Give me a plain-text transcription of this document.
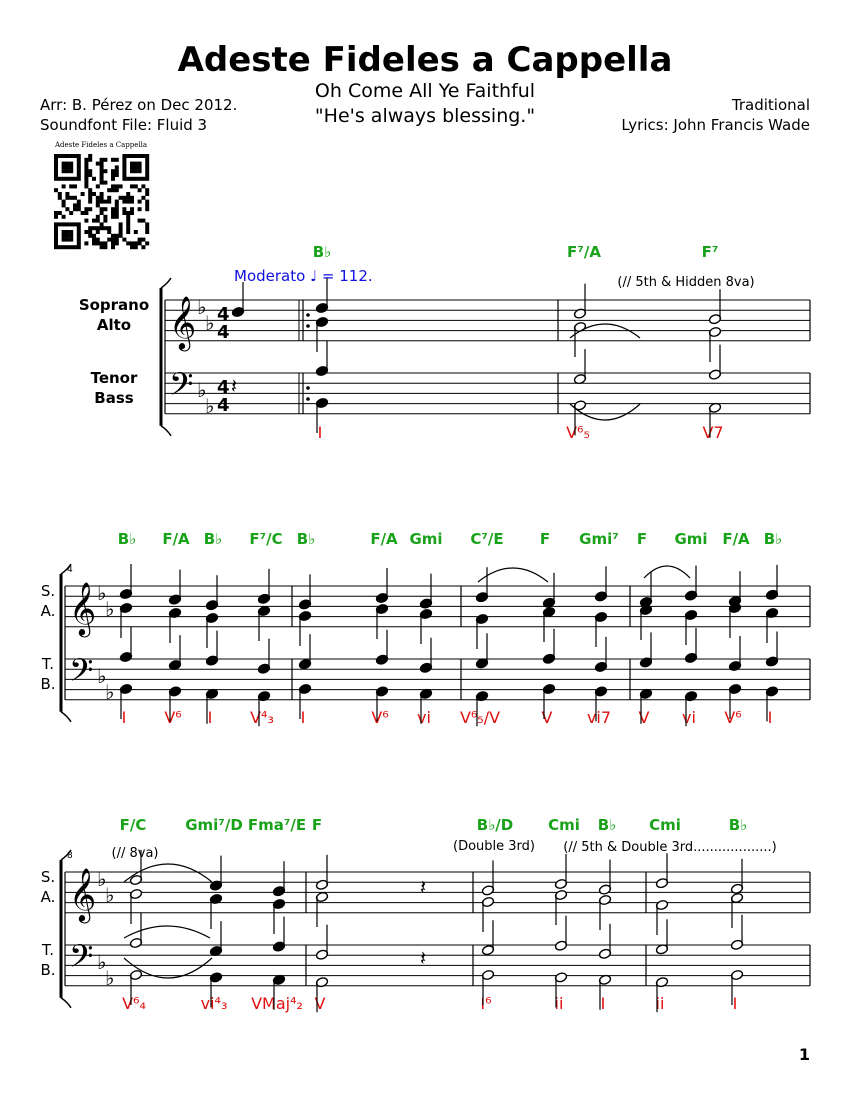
Adeste Fideles a Cappella
Oh Come All Ye Faithful
"He's always blessing."
Arr: B. Pérez on Dec 2012.
Soundfont File: Fluid 3
Traditional
Lyrics: John Francis Wade
Adeste Fideles a Cappella
1
Moderato ♩ = 112.
𝄞
𝄢
♭
♭
♭
♭
4
4
4
4
Soprano
Alto
Tenor
Bass
B♭	F⁷/A	F⁷
I	V⁶₅	V7
(// 5th & Hidden 8va)
𝄽
𝄞
𝄢
♭
♭
♭
♭
S.
A.
T.
B.
4
B♭ F/A B♭ F⁷/C B♭	F/A Gmi C⁷/E F Gmi⁷ F Gmi F/A B♭
I V⁶ I V⁴₃ I	V⁶ vi V⁶₅/V	V vi7 V vi V⁶ I
𝄞
𝄢
♭
♭
♭
♭
S.
A.
T.
B.
8
F/C	Gmi⁷/D Fma⁷/E F	B♭/D Cmi B♭ Cmi	B♭
V⁶₄	vi⁴₃ VMaj⁴₂ V	I⁶	ii I	ii	I
(// 8va)	(Double 3rd) (// 5th & Double 3rd...................)
𝄽
𝄽
